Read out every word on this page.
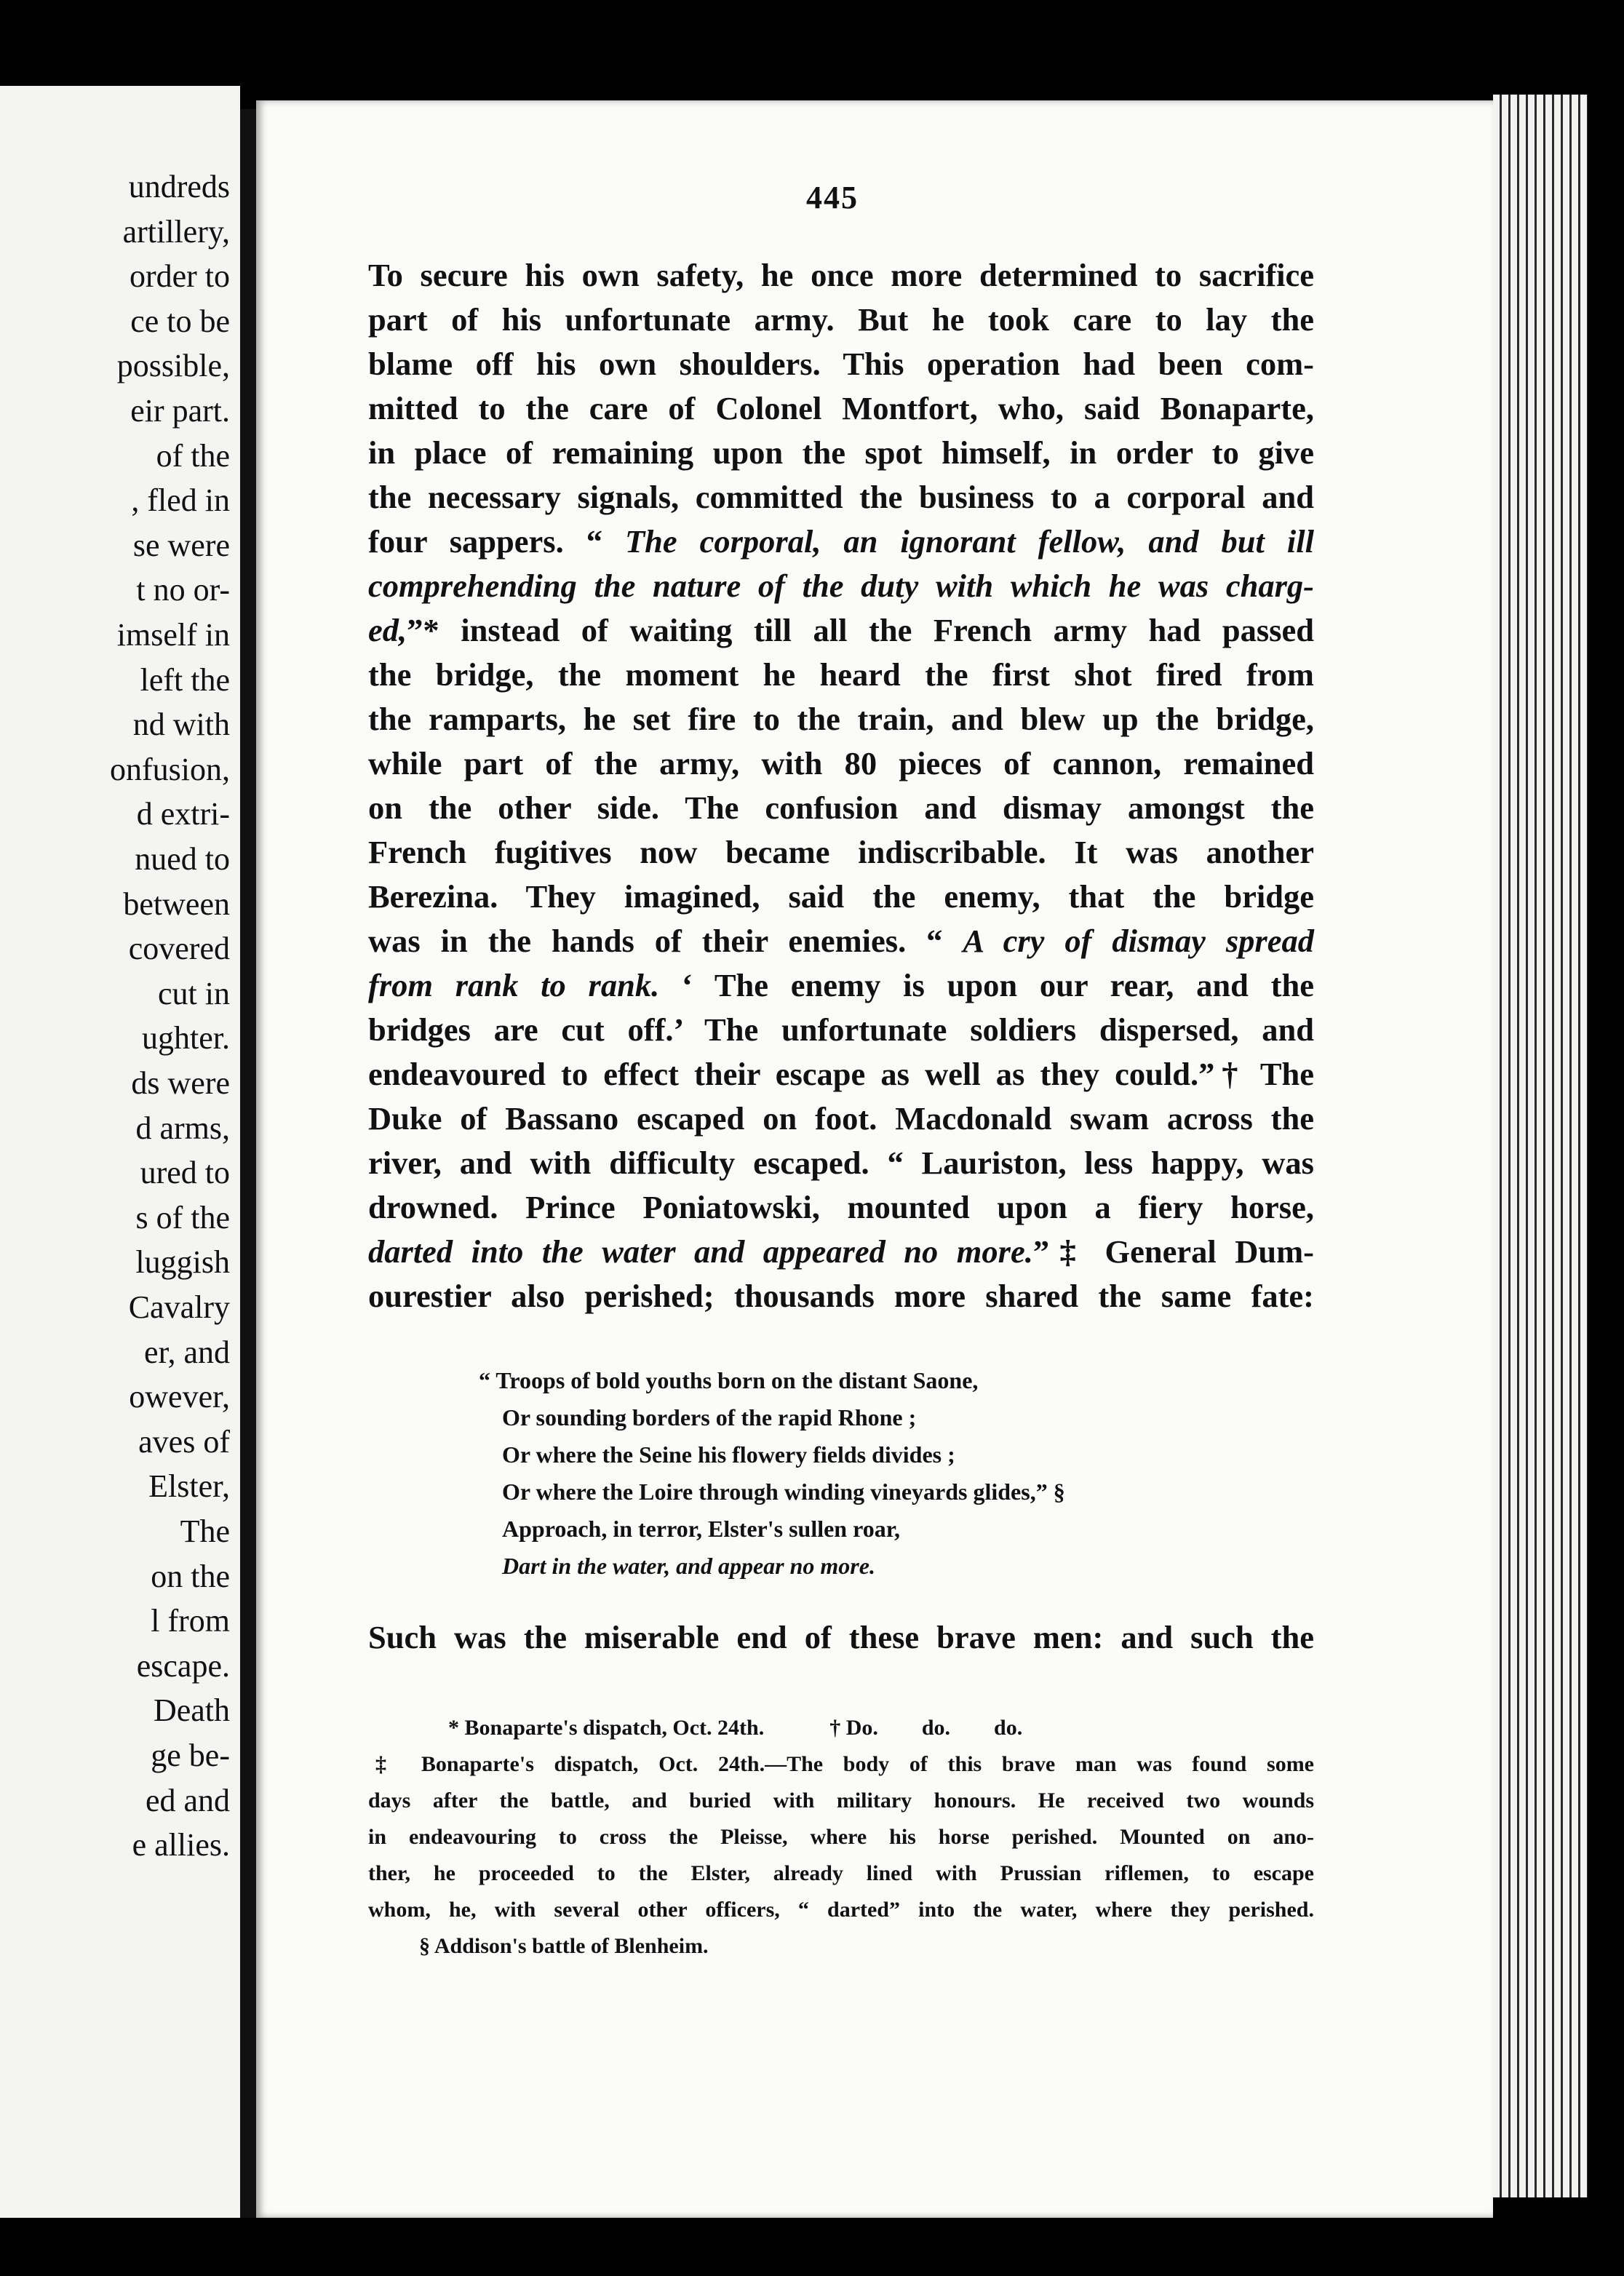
undreds
artillery,
order to
ce to be
possible,
eir part.
of the
, fled in
se were
t no or-
imself in
left the
nd with
onfusion,
d extri-
nued to
between
covered
cut in
ughter.
ds were
d arms,
ured to
s of the
luggish
Cavalry
er, and
owever,
aves of
Elster,
The
on the
l from
escape.
Death
ge be-
ed and
e allies.
445
To secure his own safety, he once more determined to sacrifice
part of his unfortunate army. But he took care to lay the
blame off his own shoulders. This operation had been com-
mitted to the care of Colonel Montfort, who, said Bonaparte,
in place of remaining upon the spot himself, in order to give
the necessary signals, committed the business to a corporal and
four sappers. “ The corporal, an ignorant fellow, and but ill
comprehending the nature of the duty with which he was charg-
ed,”* instead of waiting till all the French army had passed
the bridge, the moment he heard the first shot fired from
the ramparts, he set fire to the train, and blew up the bridge,
while part of the army, with 80 pieces of cannon, remained
on the other side. The confusion and dismay amongst the
French fugitives now became indiscribable. It was another
Berezina. They imagined, said the enemy, that the bridge
was in the hands of their enemies. “ A cry of dismay spread
from rank to rank. ‘ The enemy is upon our rear, and the
bridges are cut off.’ The unfortunate soldiers dispersed, and
endeavoured to effect their escape as well as they could.”† The
Duke of Bassano escaped on foot. Macdonald swam across the
river, and with difficulty escaped. “ Lauriston, less happy, was
drowned. Prince Poniatowski, mounted upon a fiery horse,
darted into the water and appeared no more.”‡ General Dum-
ourestier also perished; thousands more shared the same fate:
“ Troops of bold youths born on the distant Saone,
Or sounding borders of the rapid Rhone ;
Or where the Seine his flowery fields divides ;
Or where the Loire through winding vineyards glides,” §
Approach, in terror, Elster's sullen roar,
Dart in the water, and appear no more.
Such was the miserable end of these brave men: and such the
* Bonaparte's dispatch, Oct. 24th.            † Do.        do.        do.
‡ Bonaparte's dispatch, Oct. 24th.—The body of this brave man was found some
days after the battle, and buried with military honours. He received two wounds
in endeavouring to cross the Pleisse, where his horse perished. Mounted on ano-
ther, he proceeded to the Elster, already lined with Prussian riflemen, to escape
whom, he, with several other officers, “ darted” into the water, where they perished.
§ Addison's battle of Blenheim.
